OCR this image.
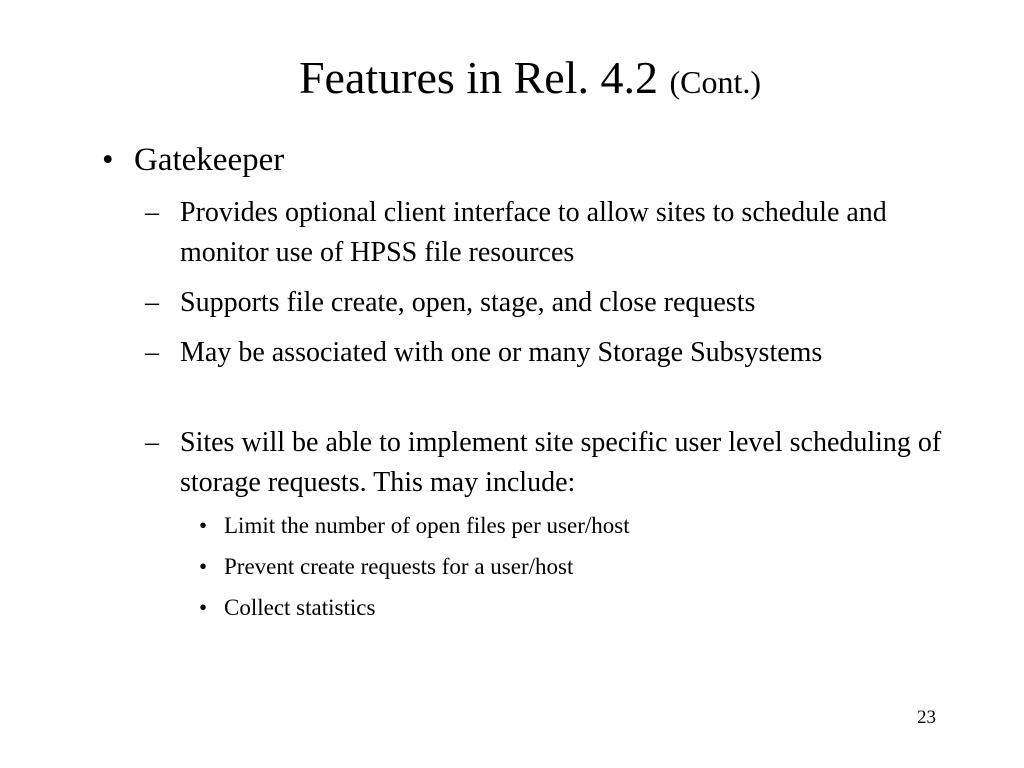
Features in Rel. 4.2 (Cont.)
• Gatekeeper
– Provides optional client interface to allow sites to schedule and monitor use of HPSS file resources
– Supports file create, open, stage, and close requests
– May be associated with one or many Storage Subsystems
– Sites will be able to implement site specific user level scheduling of storage requests. This may include:
• Limit the number of open files per user/host
• Prevent create requests for a user/host
• Collect statistics
23
